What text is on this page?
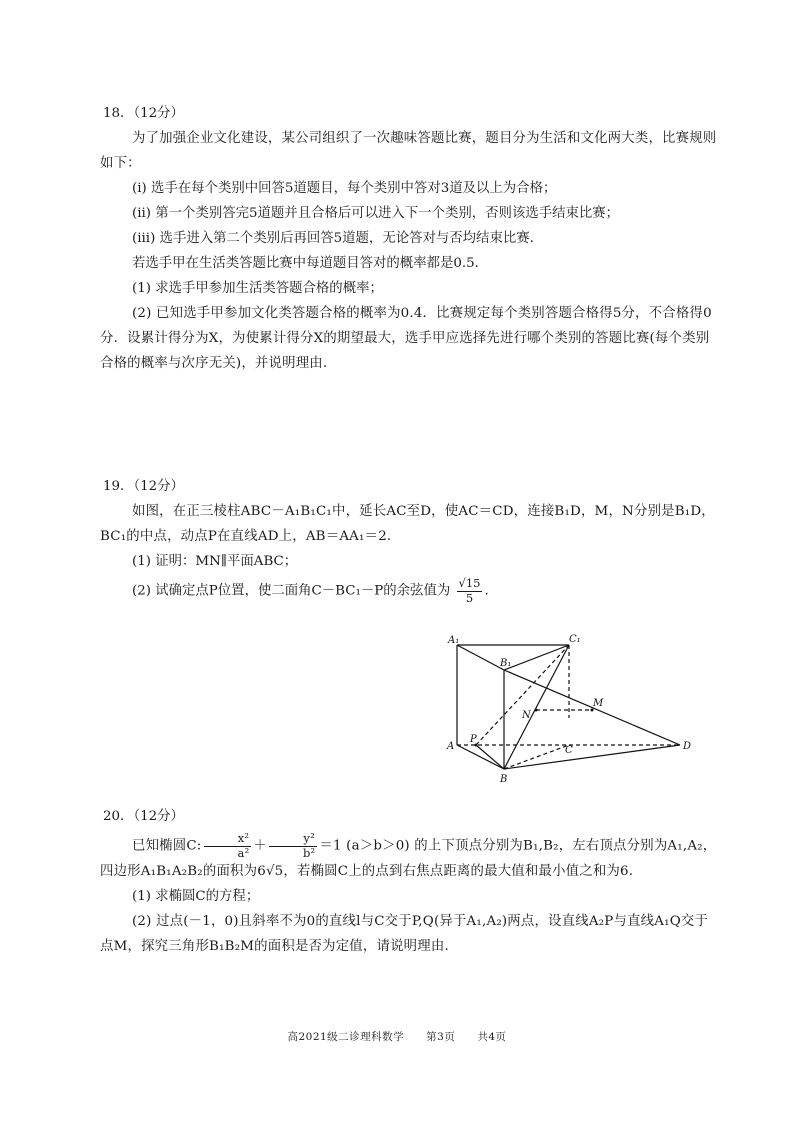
18．（12分）
为了加强企业文化建设，某公司组织了一次趣味答题比赛，题目分为生活和文化两大类，比赛规则如下：
(i) 选手在每个类别中回答5道题目，每个类别中答对3道及以上为合格；
(ii) 第一个类别答完5道题并且合格后可以进入下一个类别，否则该选手结束比赛；
(iii) 选手进入第二个类别后再回答5道题，无论答对与否均结束比赛.
若选手甲在生活类答题比赛中每道题目答对的概率都是0.5.
(1) 求选手甲参加生活类答题合格的概率；
(2) 已知选手甲参加文化类答题合格的概率为0.4．比赛规定每个类别答题合格得5分，不合格得0分．设累计得分为X，为使累计得分X的期望最大，选手甲应选择先进行哪个类别的答题比赛(每个类别合格的概率与次序无关)，并说明理由.
19．（12分）
如图，在正三棱柱ABC－A₁B₁C₁中，延长AC至D，使AC＝CD，连接B₁D，M，N分别是B₁D，BC₁的中点，动点P在直线AD上，AB＝AA₁＝2.
(1) 证明：MN∥平面ABC；
(2) 试确定点P位置，使二面角C－BC₁－P的余弦值为 $\frac{√15}{5}$ .
A₁	C₁
B₁
M
N
A
P
C	D
B
20．（12分）
已知椭圆C: $\frac{\text{x²}}{\text{a²}} + \frac{\text{y²}}{\text{b²}} =1$ (a＞b＞0) 的上下顶点分别为B₁,B₂，左右顶点分别为A₁,A₂，四边形A₁B₁A₂B₂的面积为6√5，若椭圆C上的点到右焦点距离的最大值和最小值之和为6.
(1) 求椭圆C的方程；
(2) 过点(－1，0)且斜率不为0的直线l与C交于P,Q(异于A₁,A₂)两点，设直线A₂P与直线A₁Q交于点M，探究三角形B₁B₂M的面积是否为定值，请说明理由.
高2021级二诊理科数学　　第3页　　共4页
